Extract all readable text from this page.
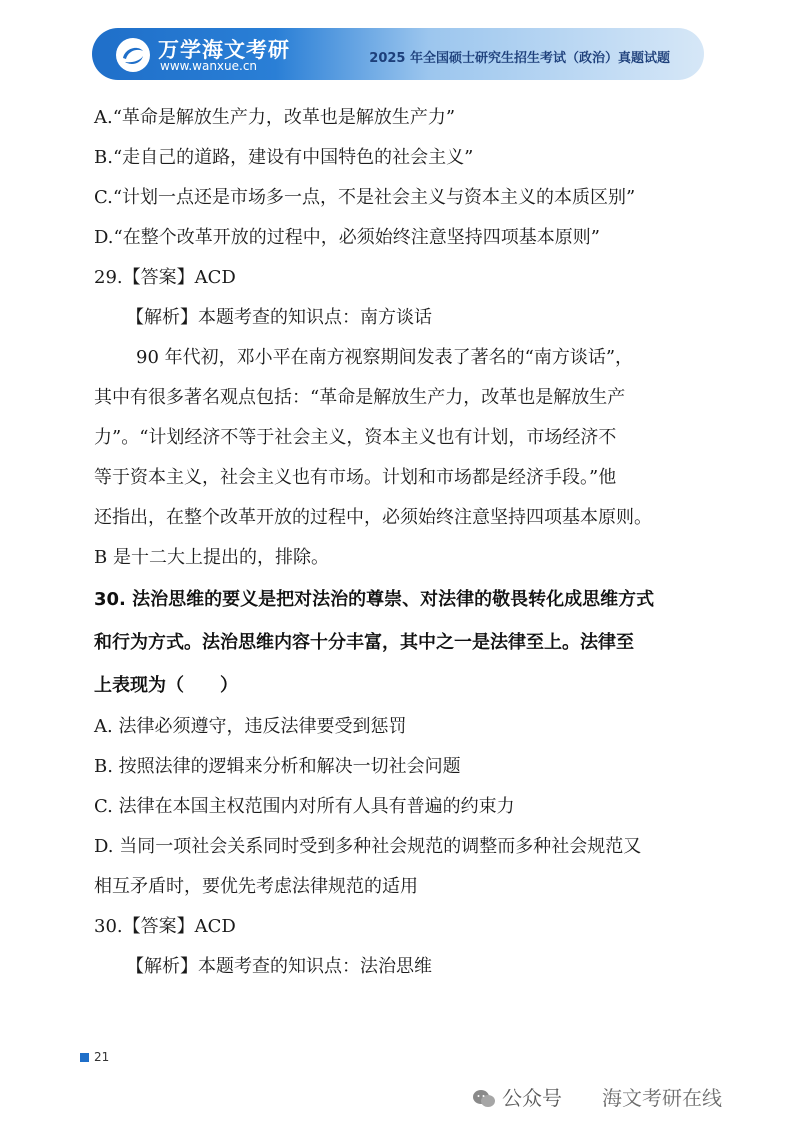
万学海文考研
www.wanxue.cn	2025 年全国硕士研究生招生考试（政治）真题试题
A.“革命是解放生产力，改革也是解放生产力”
B.“走自己的道路，建设有中国特色的社会主义”
C.“计划一点还是市场多一点，不是社会主义与资本主义的本质区别”
D.“在整个改革开放的过程中，必须始终注意坚持四项基本原则”
29.【答案】ACD
【解析】本题考查的知识点：南方谈话
90 年代初，邓小平在南方视察期间发表了著名的“南方谈话”，
其中有很多著名观点包括：“革命是解放生产力，改革也是解放生产
力”。“计划经济不等于社会主义，资本主义也有计划，市场经济不
等于资本主义，社会主义也有市场。计划和市场都是经济手段。”他
还指出，在整个改革开放的过程中，必须始终注意坚持四项基本原则。
B 是十二大上提出的，排除。
30. 法治思维的要义是把对法治的尊崇、对法律的敬畏转化成思维方式
和行为方式。法治思维内容十分丰富，其中之一是法律至上。法律至
上表现为（　　）
A. 法律必须遵守，违反法律要受到惩罚
B. 按照法律的逻辑来分析和解决一切社会问题
C. 法律在本国主权范围内对所有人具有普遍的约束力
D. 当同一项社会关系同时受到多种社会规范的调整而多种社会规范又
相互矛盾时，要优先考虑法律规范的适用
30.【答案】ACD
【解析】本题考查的知识点：法治思维
21
公众号 海文考研在线
